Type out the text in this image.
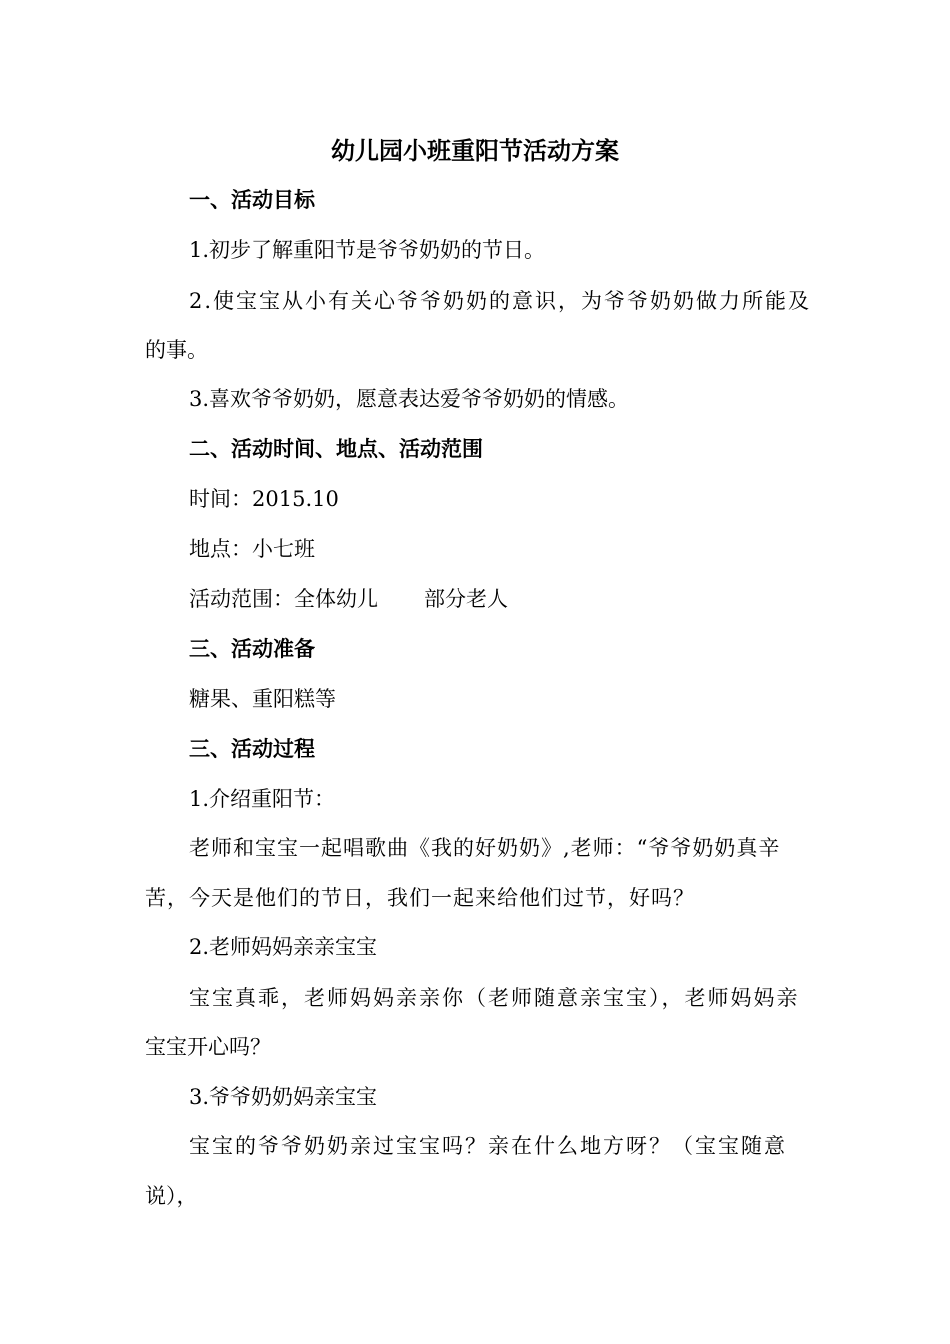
幼儿园小班重阳节活动方案
一、活动目标
1.初步了解重阳节是爷爷奶奶的节日。
2.使宝宝从小有关心爷爷奶奶的意识，为爷爷奶奶做力所能及
的事。
3.喜欢爷爷奶奶，愿意表达爱爷爷奶奶的情感。
二、活动时间、地点、活动范围
时间：2015.10
地点：小七班
活动范围：全体幼儿 部分老人
三、活动准备
糖果、重阳糕等
三、活动过程
1.介绍重阳节：
老师和宝宝一起唱歌曲《我的好奶奶》,老师：“爷爷奶奶真辛
苦，今天是他们的节日，我们一起来给他们过节，好吗？
2.老师妈妈亲亲宝宝
宝宝真乖，老师妈妈亲亲你（老师随意亲宝宝），老师妈妈亲
宝宝开心吗？
3.爷爷奶奶妈亲宝宝
宝宝的爷爷奶奶亲过宝宝吗？亲在什么地方呀？（宝宝随意
说），
